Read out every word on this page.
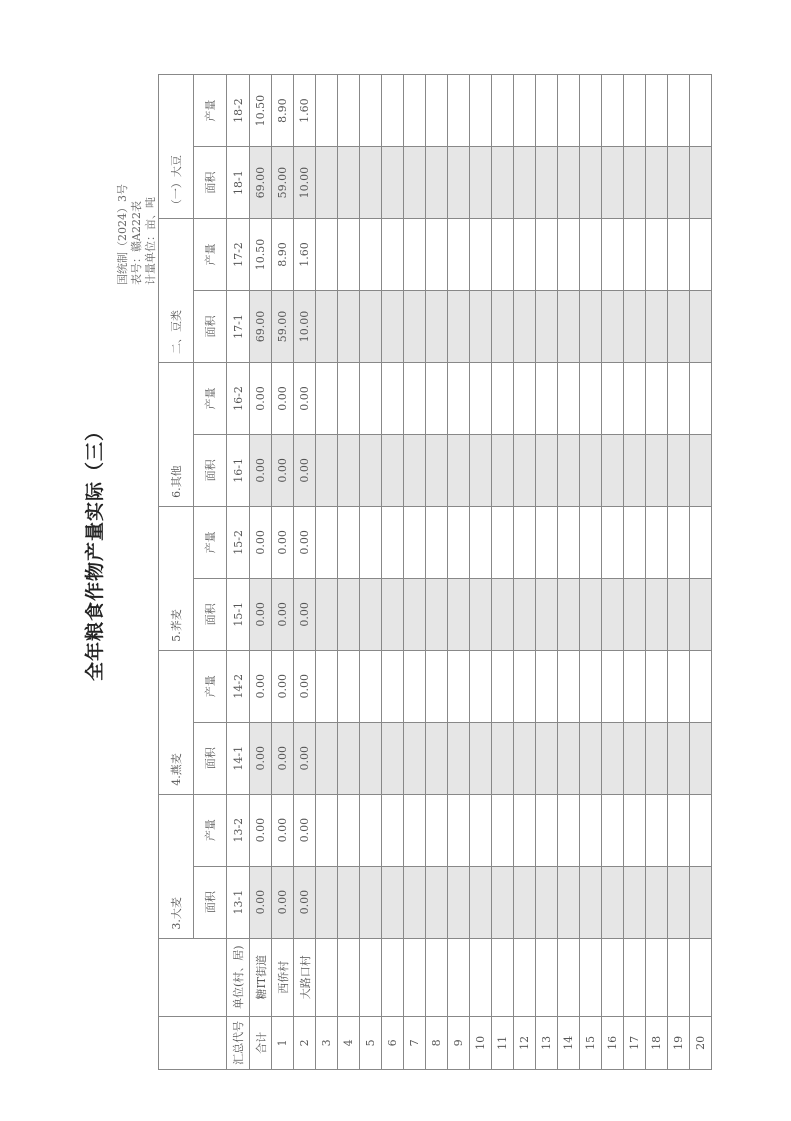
全年粮食作物产量实际（三）
国统制（2024）3号 表号：赣A222表 计量单位：亩、吨
		3.大麦		4.燕麦		5.荞麦		6.其他		二、豆类		（一）大豆	
		面积	产量	面积	产量	面积	产量	面积	产量	面积	产量	面积	产量
汇总代号	单位(村、居)	13-1	13-2	14-1	14-2	15-1	15-2	16-1	16-2	17-1	17-2	18-1	18-2
合计	糖IT街道	0.00	0.00	0.00	0.00	0.00	0.00	0.00	0.00	69.00	10.50	69.00	10.50
1	西侨村	0.00	0.00	0.00	0.00	0.00	0.00	0.00	0.00	59.00	8.90	59.00	8.90
2	大路口村	0.00	0.00	0.00	0.00	0.00	0.00	0.00	0.00	10.00	1.60	10.00	1.60
3													
4													
5													
6													
7													
8													
9													
10													
11													
12													
13													
14													
15													
16													
17													
18													
19													
20													
